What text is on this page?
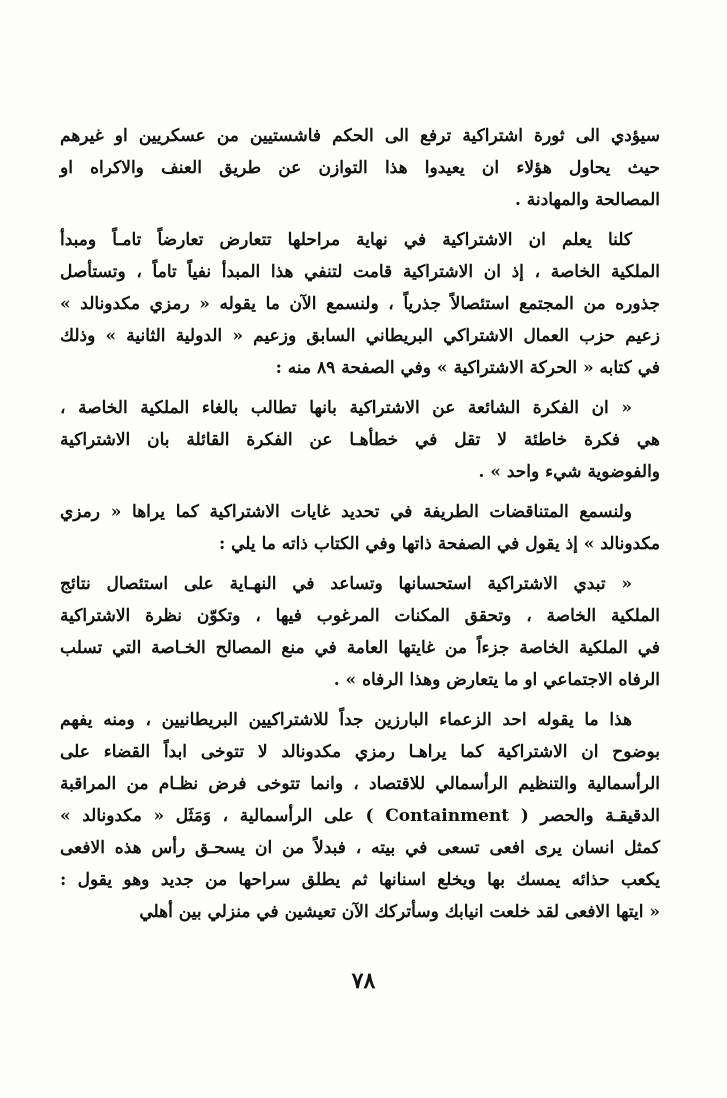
سيؤدي الى ثورة اشتراكية ترفع الى الحكم فاشستيين من عسكريين او غيرهم
حيث يحاول هؤلاء ان يعيدوا هذا التوازن عن طريق العنف والاكراه او
المصالحة والمهادنة .

كلنا يعلم ان الاشتراكية في نهاية مراحلها تتعارض تعارضاً تامـاً ومبدأ
الملكية الخاصة ، إذ ان الاشتراكية قامت لتنفي هذا المبدأ نفياً تاماً ، وتستأصل
جذوره من المجتمع استئصالاً جذرياً ، ولنسمع الآن ما يقوله « رمزي مكدونالد »
زعيم حزب العمال الاشتراكي البريطاني السابق وزعيم « الدولية الثانية » وذلك
في كتابه « الحركة الاشتراكية » وفي الصفحة ٨٩ منه :

« ان الفكرة الشائعة عن الاشتراكية بانها تطالب بالغاء الملكية الخاصة ،
هي فكرة خاطئة لا تقل في خطأهـا عن الفكرة القائلة بان الاشتراكية
والفوضوية شيء واحد » .

ولنسمع المتناقضات الطريفة في تحديد غايات الاشتراكية كما يراها « رمزي
مكدونالد » إذ يقول في الصفحة ذاتها وفي الكتاب ذاته ما يلي :

« تبدي الاشتراكية استحسانها وتساعد في النهـاية على استئصال نتائج
الملكية الخاصة ، وتحقق المكنات المرغوب فيها ، وتكوّن نظرة الاشتراكية
في الملكية الخاصة جزءاً من غايتها العامة في منع المصالح الخـاصة التي تسلب
الرفاه الاجتماعي او ما يتعارض وهذا الرفاه » .

هذا ما يقوله احد الزعماء البارزين جداً للاشتراكيين البريطانيين ، ومنه يفهم
بوضوح ان الاشتراكية كما يراهـا رمزي مكدونالد لا تتوخى ابداً القضاء على
الرأسمالية والتنظيم الرأسمالي للاقتصاد ، وانما تتوخى فرض نظـام من المراقبة
الدقيقـة والحصر ( Containment ) على الرأسمالية ، وَمَثَل « مكدونالد »
كمثل انسان يرى افعى تسعى في بيته ، فبدلاً من ان يسحـق رأس هذه الافعى
يكعب حذائه يمسك بها ويخلع اسنانها ثم يطلق سراحها من جديد وهو يقول :
« ايتها الافعى لقد خلعت انيابك وسأتركك الآن تعيشين في منزلي بين أهلي

٧٨
